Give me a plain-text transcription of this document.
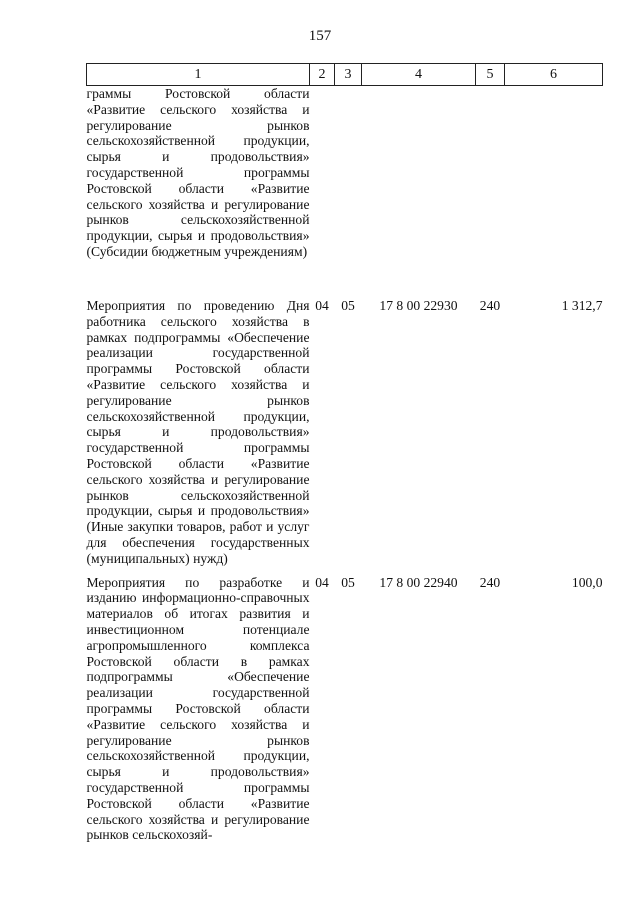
157
1	2	3	4	5	6
граммы Ростовской области «Развитие сельского хозяйства и регулирование рынков сельскохозяйственной продукции, сырья и продовольствия» государственной программы Ростовской области «Развитие сельского хозяйства и регулирование рынков сельскохозяйственной продукции, сырья и продовольствия» (Субсидии бюджетным учреждениям)					
Мероприятия по проведению Дня работника сельского хозяйства в рамках подпрограммы «Обеспечение реализации государственной программы Ростовской области «Развитие сельского хозяйства и регулирование рынков сельскохозяйственной продукции, сырья и продовольствия» государственной программы Ростовской области «Развитие сельского хозяйства и регулирование рынков сельскохозяйственной продукции, сырья и продовольствия» (Иные закупки товаров, работ и услуг для обеспечения государственных (муниципальных) нужд)	04	05	17 8 00 22930	240	1 312,7
Мероприятия по разработке и изданию информационно-справочных материалов об итогах развития и инвестиционном потенциале агропромышленного комплекса Ростовской области в рамках подпрограммы «Обеспечение реализации государственной программы Ростовской области «Развитие сельского хозяйства и регулирование рынков сельскохозяйственной продукции, сырья и продовольствия» государственной программы Ростовской области «Развитие сельского хозяйства и регулирование рынков сельскохозяй-	04	05	17 8 00 22940	240	100,0
